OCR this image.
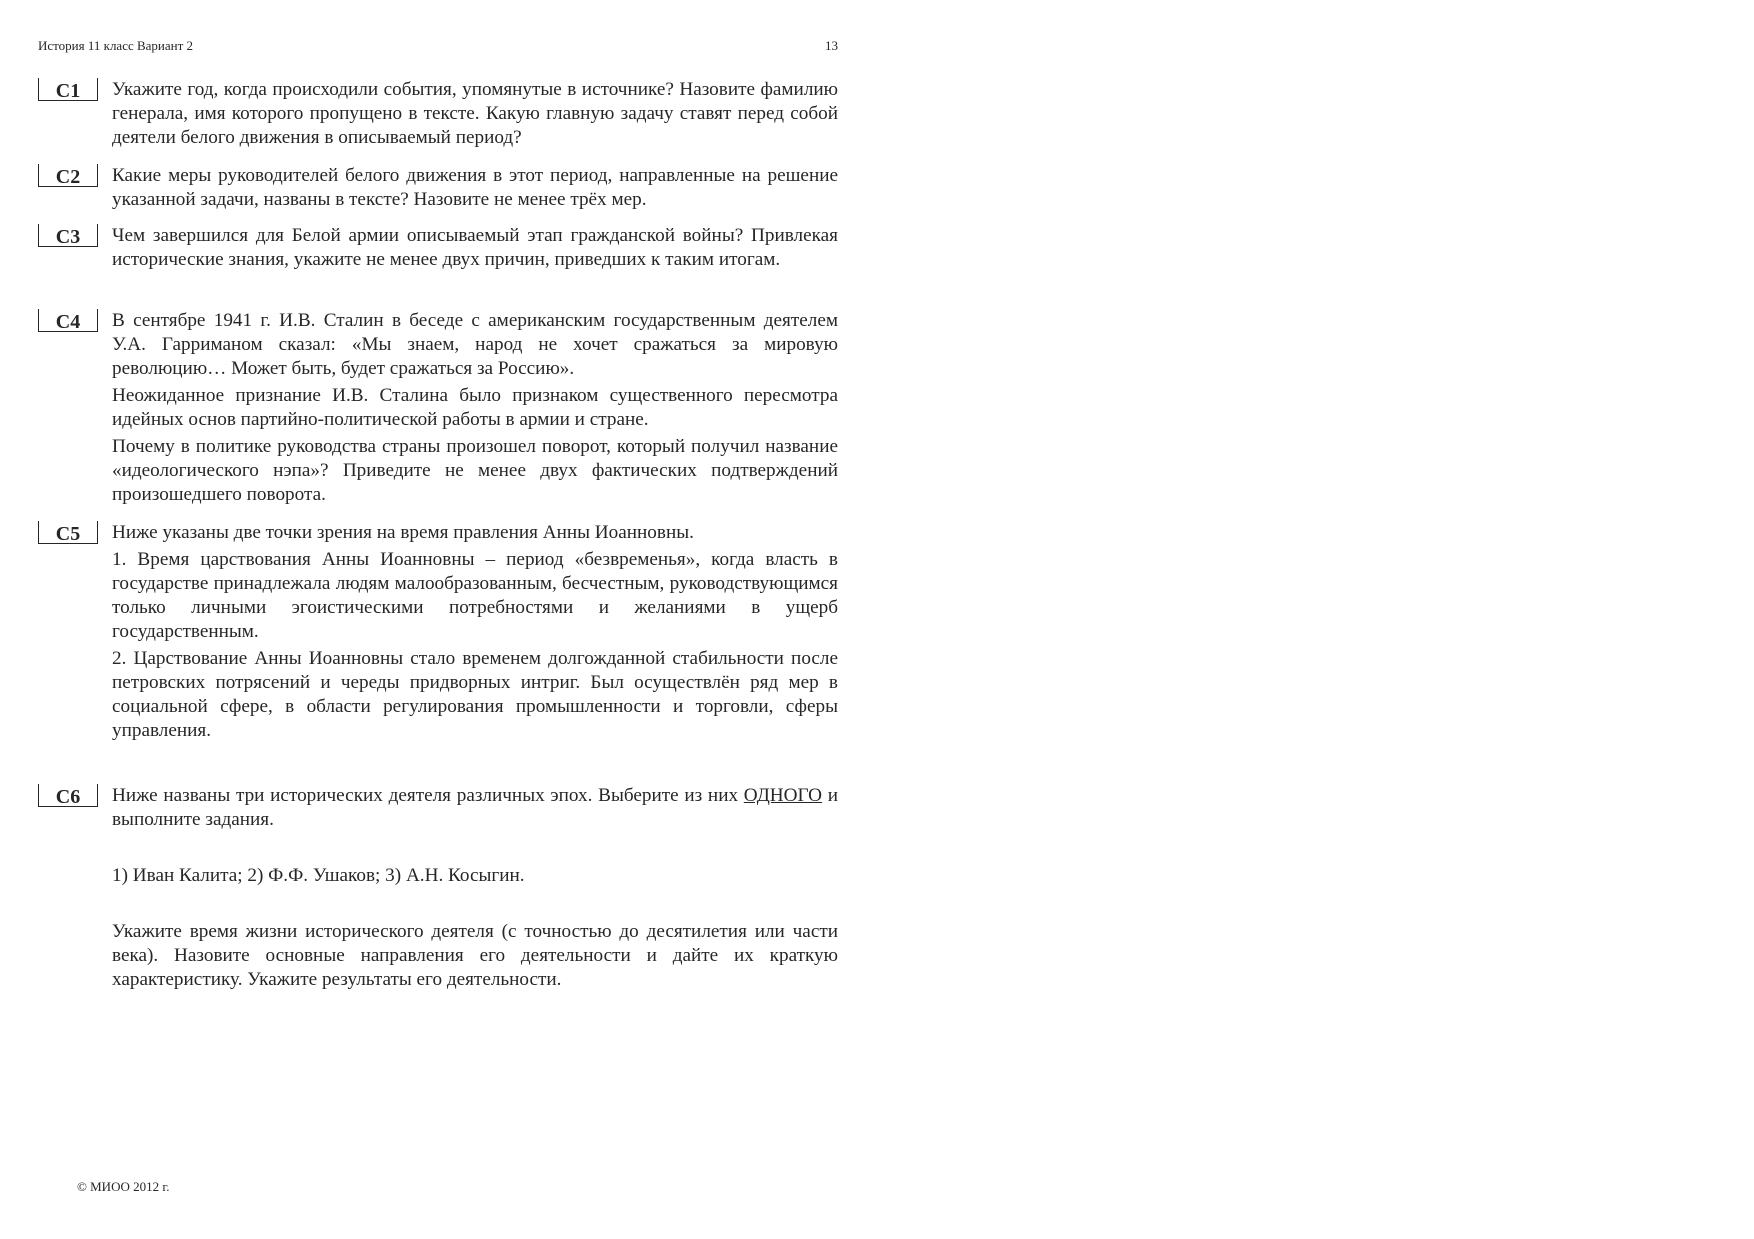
История 11 класс Вариант 2	13
С1	Укажите год, когда происходили события, упомянутые в источнике? Назовите фамилию генерала, имя которого пропущено в тексте. Какую главную задачу ставят перед собой деятели белого движения в описываемый период?

С2	Какие меры руководителей белого движения в этот период, направленные на решение указанной задачи, названы в тексте? Назовите не менее трёх мер.

С3	Чем завершился для Белой армии описываемый этап гражданской войны? Привлекая исторические знания, укажите не менее двух причин, приведших к таким итогам.

С4	В сентябре 1941 г. И.В. Сталин в беседе с американским государственным деятелем У.А. Гарриманом сказал: «Мы знаем, народ не хочет сражаться за мировую революцию… Может быть, будет сражаться за Россию».

Неожиданное признание И.В. Сталина было признаком существенного пересмотра идейных основ партийно-политической работы в армии и стране.

Почему в политике руководства страны произошел поворот, который получил название «идеологического нэпа»? Приведите не менее двух фактических подтверждений произошедшего поворота.

С5	Ниже указаны две точки зрения на время правления Анны Иоанновны.

1. Время царствования Анны Иоанновны – период «безвременья», когда власть в государстве принадлежала людям малообразованным, бесчестным, руководствующимся только личными эгоистическими потребностями и желаниями в ущерб государственным.

2. Царствование Анны Иоанновны стало временем долгожданной стабильности после петровских потрясений и череды придворных интриг. Был осуществлён ряд мер в социальной сфере, в области регулирования промышленности и торговли, сферы управления.

С6	Ниже названы три исторических деятеля различных эпох. Выберите из них ОДНОГО и выполните задания.

1) Иван Калита; 2) Ф.Ф. Ушаков; 3) А.Н. Косыгин.

Укажите время жизни исторического деятеля (с точностью до десятилетия или части века). Назовите основные направления его деятельности и дайте их краткую характеристику. Укажите результаты его деятельности.

© МИОО 2012 г.
